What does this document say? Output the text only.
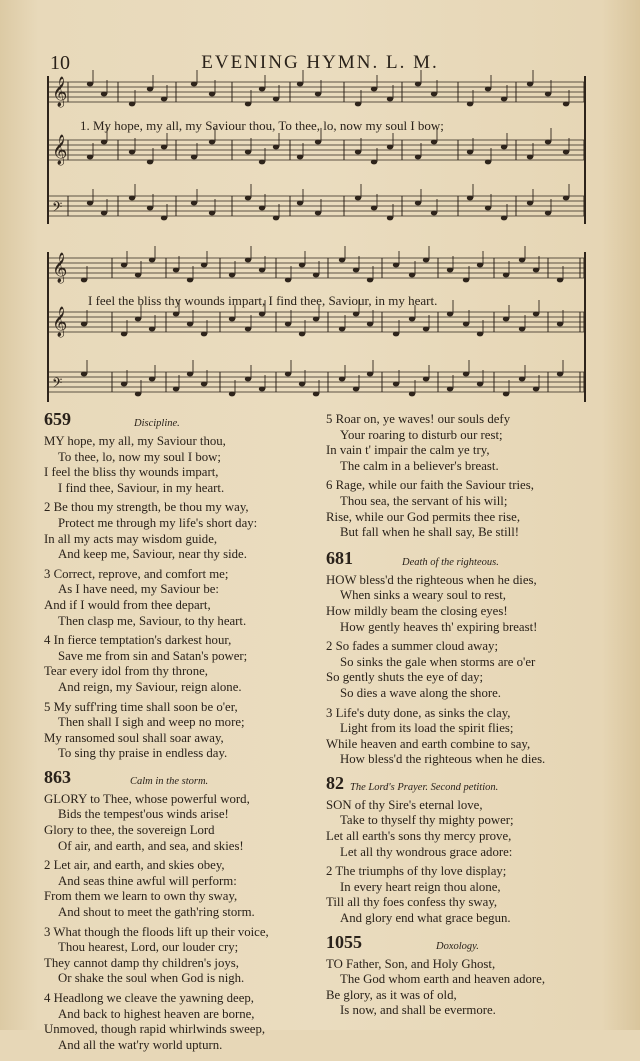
10	EVENING HYMN. L. M.
𝄞
𝄞
𝄢
𝄞
𝄞
𝄢
1. My hope, my all, my Saviour thou, To thee, lo, now my soul I bow;
I feel the bliss thy wounds impart, I find thee, Saviour, in my heart.
659	Discipline.
MY hope, my all, my Saviour thou,
To thee, lo, now my soul I bow;
I feel the bliss thy wounds impart,
I find thee, Saviour, in my heart.
2 Be thou my strength, be thou my way,
Protect me through my life's short day:
In all my acts may wisdom guide,
And keep me, Saviour, near thy side.
3 Correct, reprove, and comfort me;
As I have need, my Saviour be:
And if I would from thee depart,
Then clasp me, Saviour, to thy heart.
4 In fierce temptation's darkest hour,
Save me from sin and Satan's power;
Tear every idol from thy throne,
And reign, my Saviour, reign alone.
5 My suff'ring time shall soon be o'er,
Then shall I sigh and weep no more;
My ransomed soul shall soar away,
To sing thy praise in endless day.
863	Calm in the storm.
GLORY to Thee, whose powerful word,
Bids the tempest'ous winds arise!
Glory to thee, the sovereign Lord
Of air, and earth, and sea, and skies!
2 Let air, and earth, and skies obey,
And seas thine awful will perform:
From them we learn to own thy sway,
And shout to meet the gath'ring storm.
3 What though the floods lift up their voice,
Thou hearest, Lord, our louder cry;
They cannot damp thy children's joys,
Or shake the soul when God is nigh.
4 Headlong we cleave the yawning deep,
And back to highest heaven are borne,
Unmoved, though rapid whirlwinds sweep,
And all the wat'ry world upturn.
5 Roar on, ye waves! our souls defy
Your roaring to disturb our rest;
In vain t' impair the calm ye try,
The calm in a believer's breast.
6 Rage, while our faith the Saviour tries,
Thou sea, the servant of his will;
Rise, while our God permits thee rise,
But fall when he shall say, Be still!
681	Death of the righteous.
HOW bless'd the righteous when he dies,
When sinks a weary soul to rest,
How mildly beam the closing eyes!
How gently heaves th' expiring breast!
2 So fades a summer cloud away;
So sinks the gale when storms are o'er
So gently shuts the eye of day;
So dies a wave along the shore.
3 Life's duty done, as sinks the clay,
Light from its load the spirit flies;
While heaven and earth combine to say,
How bless'd the righteous when he dies.
82 The Lord's Prayer. Second petition.
SON of thy Sire's eternal love,
Take to thyself thy mighty power;
Let all earth's sons thy mercy prove,
Let all thy wondrous grace adore:
2 The triumphs of thy love display;
In every heart reign thou alone,
Till all thy foes confess thy sway,
And glory end what grace begun.
1055	Doxology.
TO Father, Son, and Holy Ghost,
The God whom earth and heaven adore,
Be glory, as it was of old,
Is now, and shall be evermore.
